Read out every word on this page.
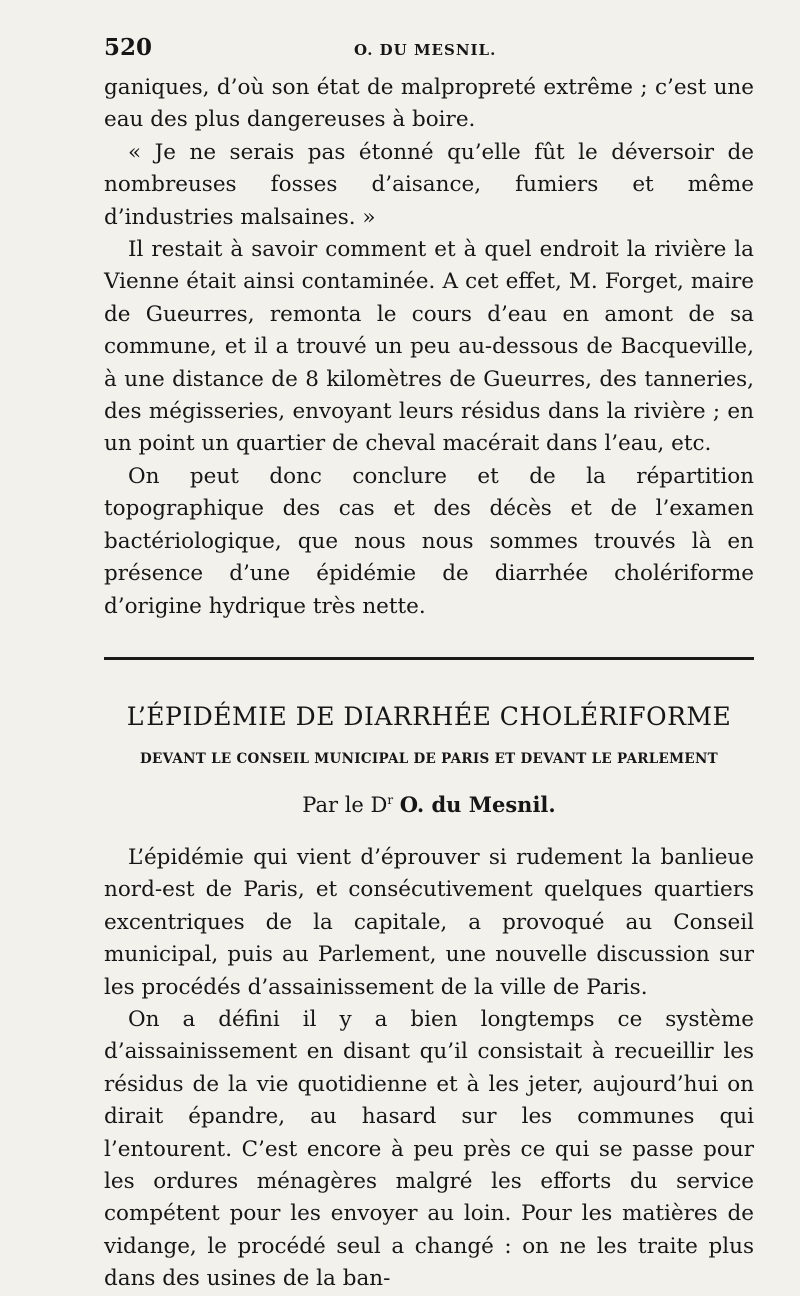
520	O. DU MESNIL.

ganiques, d’où son état de malpropreté extrême ; c’est une eau des plus dangereuses à boire.

« Je ne serais pas étonné qu’elle fût le déversoir de nombreuses fosses d’aisance, fumiers et même d’industries malsaines. »

Il restait à savoir comment et à quel endroit la rivière la Vienne était ainsi contaminée. A cet effet, M. Forget, maire de Gueurres, remonta le cours d’eau en amont de sa commune, et il a trouvé un peu au-dessous de Bacqueville, à une distance de 8 kilomètres de Gueurres, des tanneries, des mégisseries, envoyant leurs résidus dans la rivière ; en un point un quartier de cheval macérait dans l’eau, etc.

On peut donc conclure et de la répartition topographique des cas et des décès et de l’examen bactériologique, que nous nous sommes trouvés là en présence d’une épidémie de diarrhée cholériforme d’origine hydrique très nette.

L’ÉPIDÉMIE DE DIARRHÉE CHOLÉRIFORME
DEVANT LE CONSEIL MUNICIPAL DE PARIS ET DEVANT LE PARLEMENT
Par le $D^r$ O. du Mesnil.

L’épidémie qui vient d’éprouver si rudement la banlieue nord-est de Paris, et consécutivement quelques quartiers excentriques de la capitale, a provoqué au Conseil municipal, puis au Parlement, une nouvelle discussion sur les procédés d’assainissement de la ville de Paris.

On a défini il y a bien longtemps ce système d’aissainissement en disant qu’il consistait à recueillir les résidus de la vie quotidienne et à les jeter, aujourd’hui on dirait épandre, au hasard sur les communes qui l’entourent. C’est encore à peu près ce qui se passe pour les ordures ménagères malgré les efforts du service compétent pour les envoyer au loin. Pour les matières de vidange, le procédé seul a changé : on ne les traite plus dans des usines de la ban-
